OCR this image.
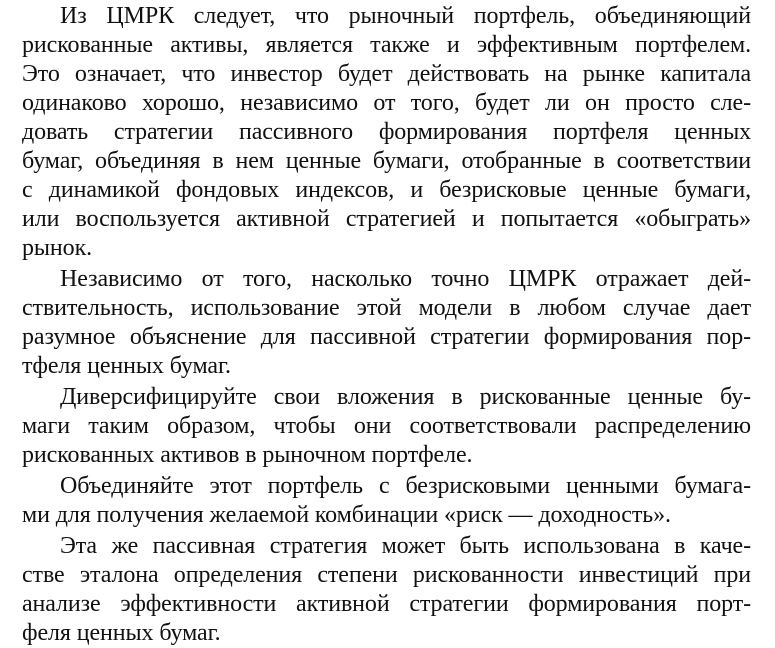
Из ЦМРК следует, что рыночный портфель, объединяющий
рискованные активы, является также и эффективным портфелем.
Это означает, что инвестор будет действовать на рынке капитала
одинаково хорошо, независимо от того, будет ли он просто сле-
довать стратегии пассивного формирования портфеля ценных
бумаг, объединяя в нем ценные бумаги, отобранные в соответствии
с динамикой фондовых индексов, и безрисковые ценные бумаги,
или воспользуется активной стратегией и попытается «обыграть»
рынок.

Независимо от того, насколько точно ЦМРК отражает дей-
ствительность, использование этой модели в любом случае дает
разумное объяснение для пассивной стратегии формирования пор-
тфеля ценных бумаг.

Диверсифицируйте свои вложения в рискованные ценные бу-
маги таким образом, чтобы они соответствовали распределению
рискованных активов в рыночном портфеле.

Объединяйте этот портфель с безрисковыми ценными бумага-
ми для получения желаемой комбинации «риск — доходность».

Эта же пассивная стратегия может быть использована в каче-
стве эталона определения степени рискованности инвестиций при
анализе эффективности активной стратегии формирования порт-
феля ценных бумаг.
